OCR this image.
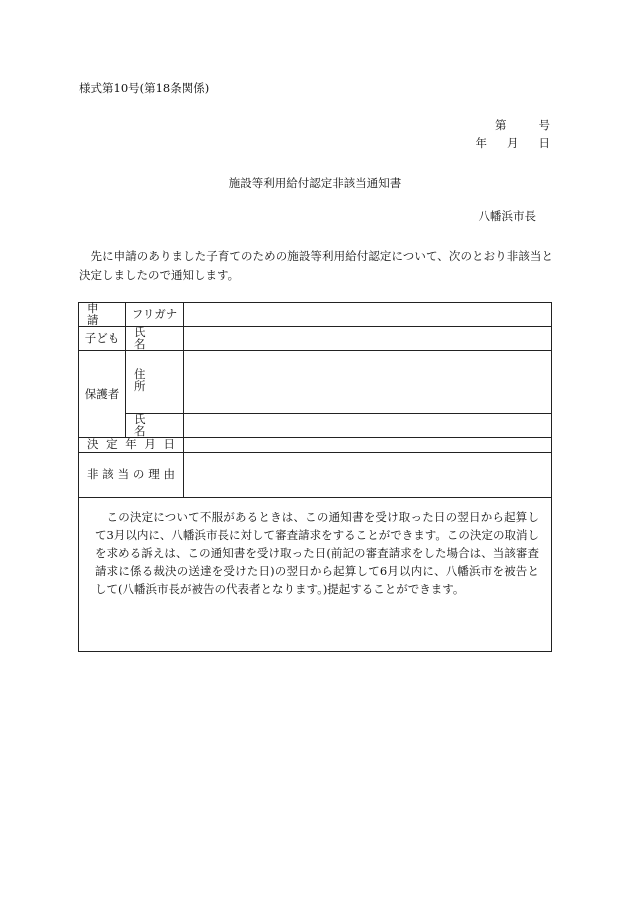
様式第10号(第18条関係)
第	号
年 月 日
施設等利用給付認定非該当通知書
八幡浜市長
先に申請のありました子育てのための施設等利用給付認定について、次のとおり非該当と決定しましたので通知します。
申　請	フリガナ	
子ども	氏　　名	
保護者	住　　所	
	氏　　名	
決定年月日		
非該当の理由		
この決定について不服があるときは、この通知書を受け取った日の翌日から起算して3月以内に、八幡浜市長に対して審査請求をすることができます。この決定の取消しを求める訴えは、この通知書を受け取った日(前記の審査請求をした場合は、当該審査請求に係る裁決の送達を受けた日)の翌日から起算して6月以内に、八幡浜市を被告として(八幡浜市長が被告の代表者となります。)提起することができます。		
